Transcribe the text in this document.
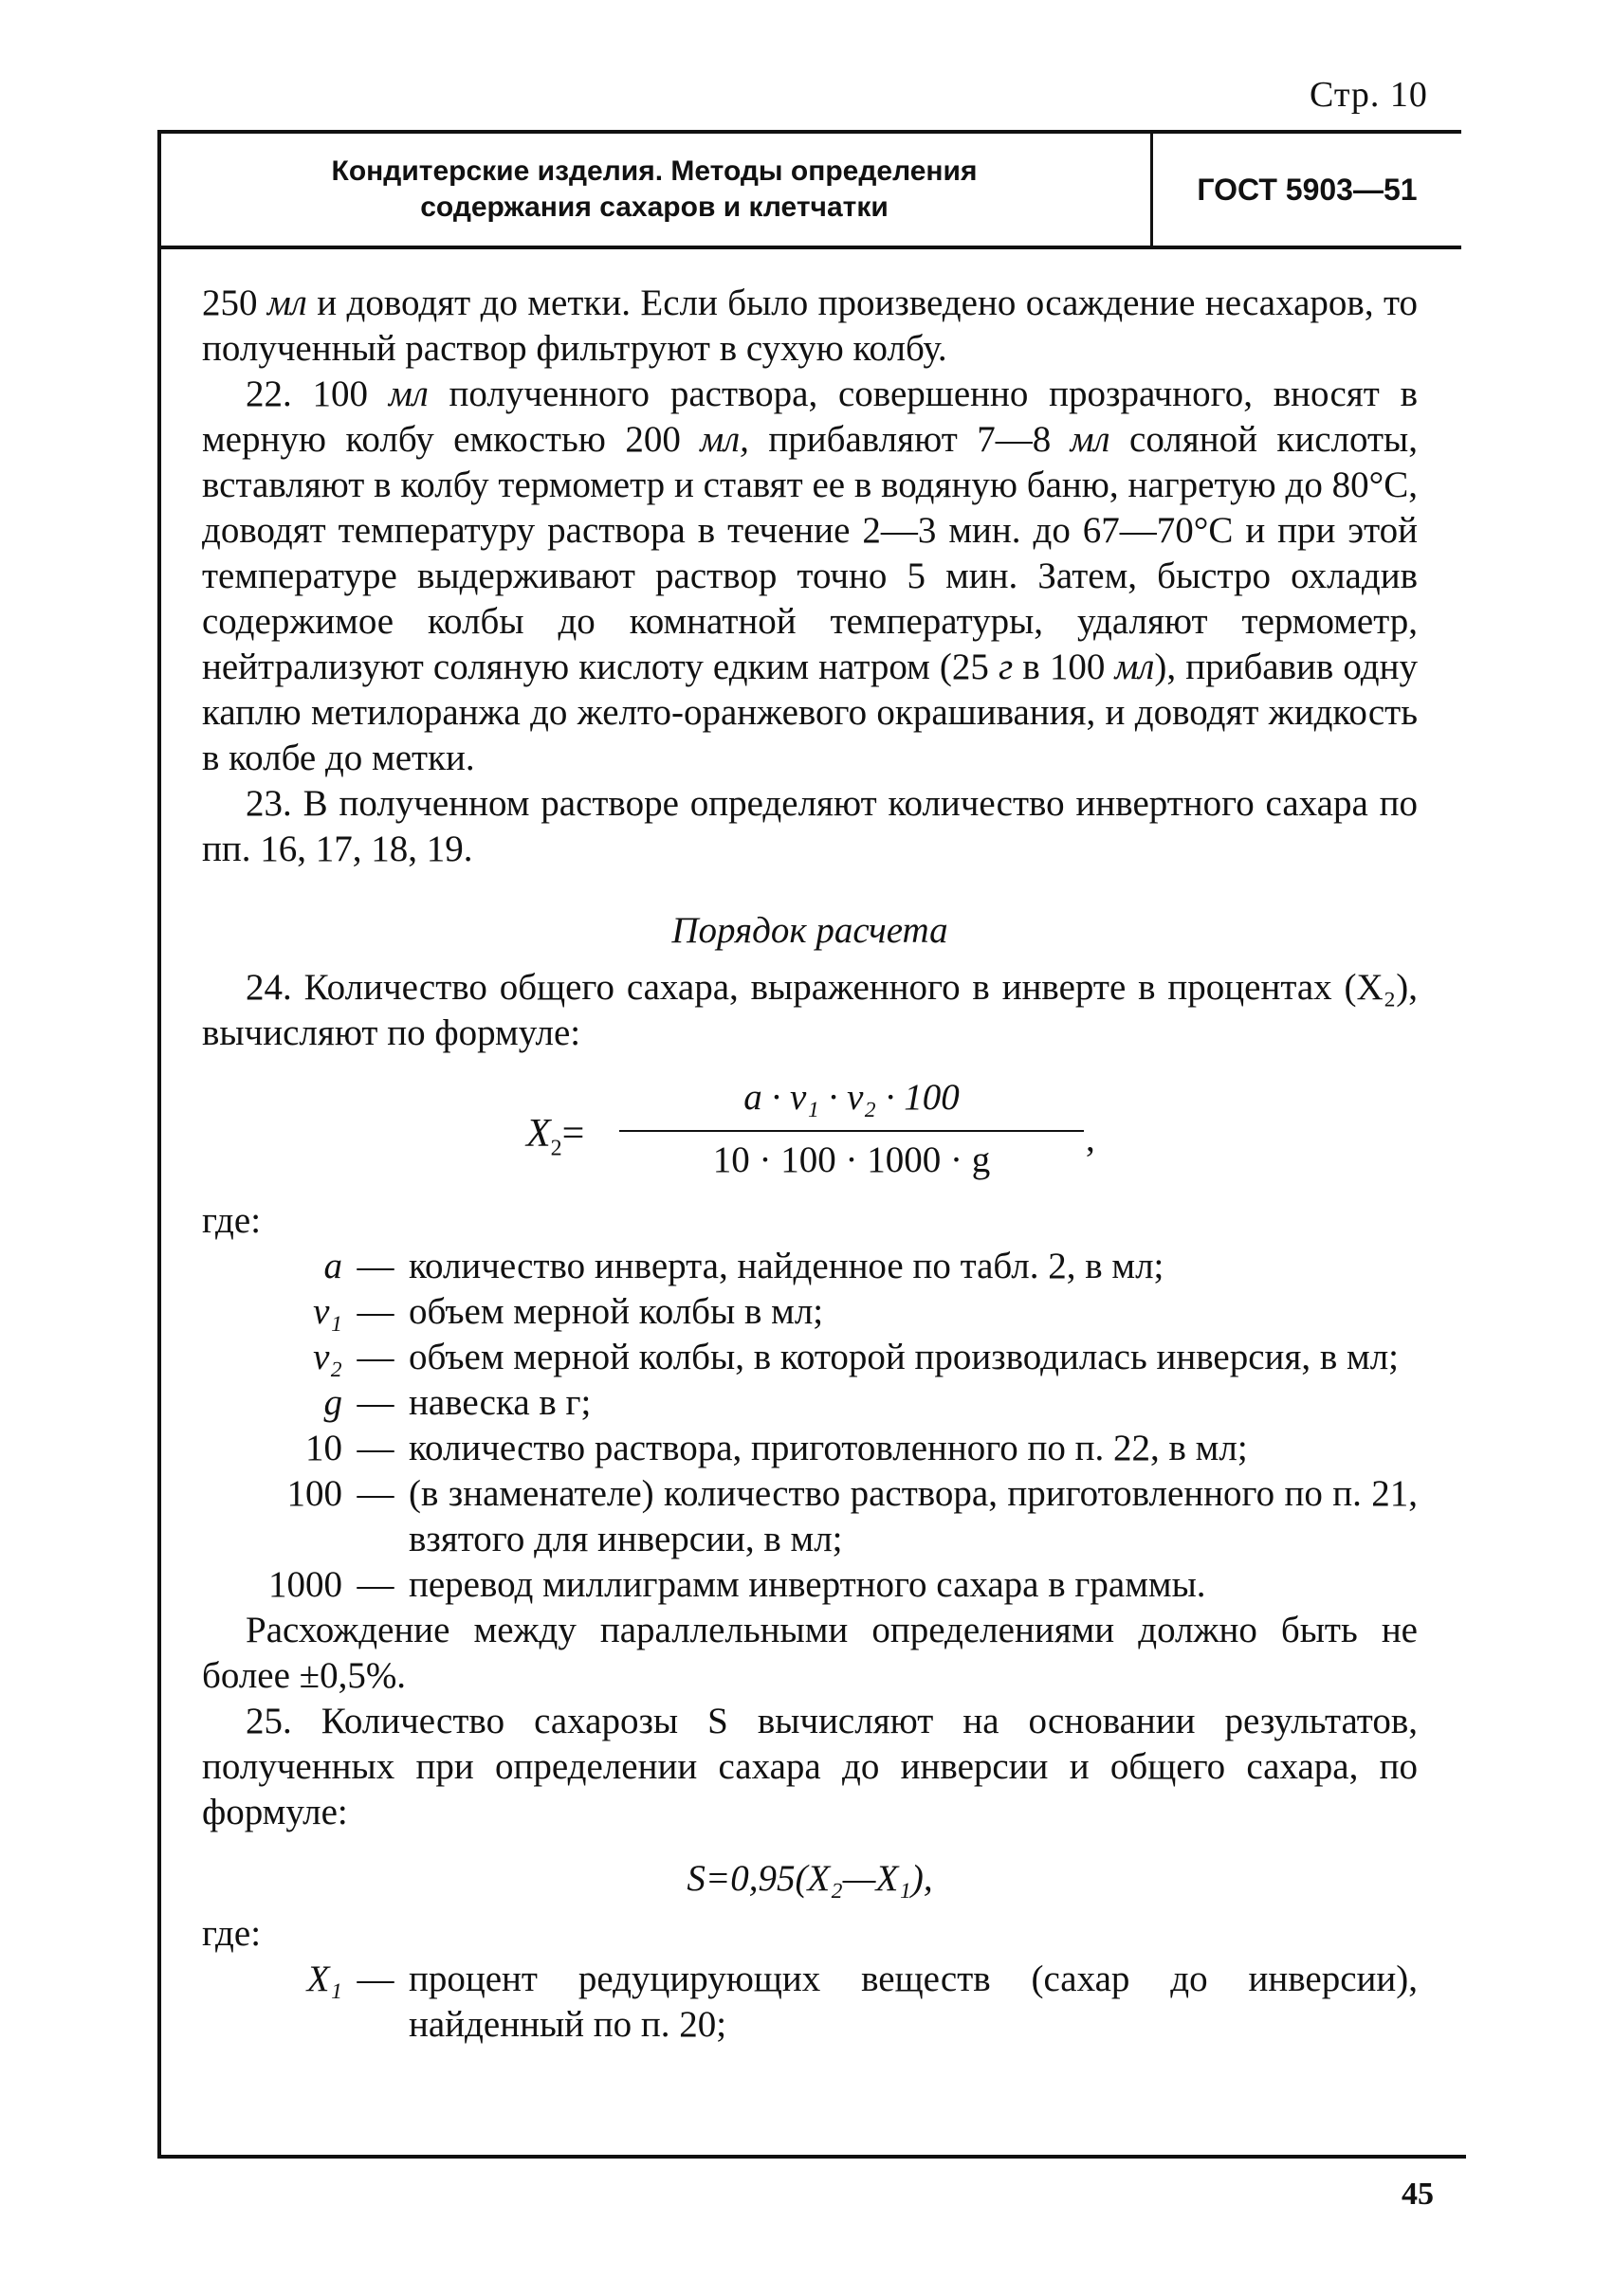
Стр. 10
Кондитерские изделия. Методы определения
содержания сахаров и клетчатки
ГОСТ 5903—51

250 мл и доводят до метки. Если было произведено осаждение несахаров, то полученный раствор фильтруют в сухую колбу.

22. 100 мл полученного раствора, совершенно прозрачного, вносят в мерную колбу емкостью 200 мл, прибавляют 7—8 мл соляной кислоты, вставляют в колбу термометр и ставят ее в водяную баню, нагретую до 80°С, доводят температуру раствора в течение 2—3 мин. до 67—70°С и при этой температуре выдерживают раствор точно 5 мин. Затем, быстро охладив содержимое колбы до комнатной температуры, удаляют термометр, нейтрализуют соляную кислоту едким натром (25 г в 100 мл), прибавив одну каплю метилоранжа до желто-оранжевого окрашивания, и доводят жидкость в колбе до метки.

23. В полученном растворе определяют количество инвертного сахара по пп. 16, 17, 18, 19.

Порядок расчета

24. Количество общего сахара, выраженного в инверте в процентах (X₂), вычисляют по формуле:

$X_2=$
a · v₁ · v₂ · 100
10 · 100 · 1000 · g
,

где:

a — количество инверта, найденное по табл. 2, в мл;
v₁ — объем мерной колбы в мл;
v₂ — объем мерной колбы, в которой производилась инверсия, в мл;
g — навеска в г;
10 — количество раствора, приготовленного по п. 22, в мл;
100 — (в знаменателе) количество раствора, приготовленного по п. 21, взятого для инверсии, в мл;
1000 — перевод миллиграмм инвертного сахара в граммы.

Расхождение между параллельными определениями должно быть не более ±0,5%.

25. Количество сахарозы S вычисляют на основании результатов, полученных при определении сахара до инверсии и общего сахара, по формуле:

S=0,95(X₂—X₁),

где:

X₁ — процент редуцирующих веществ (сахар до инверсии), найденный по п. 20;
45
